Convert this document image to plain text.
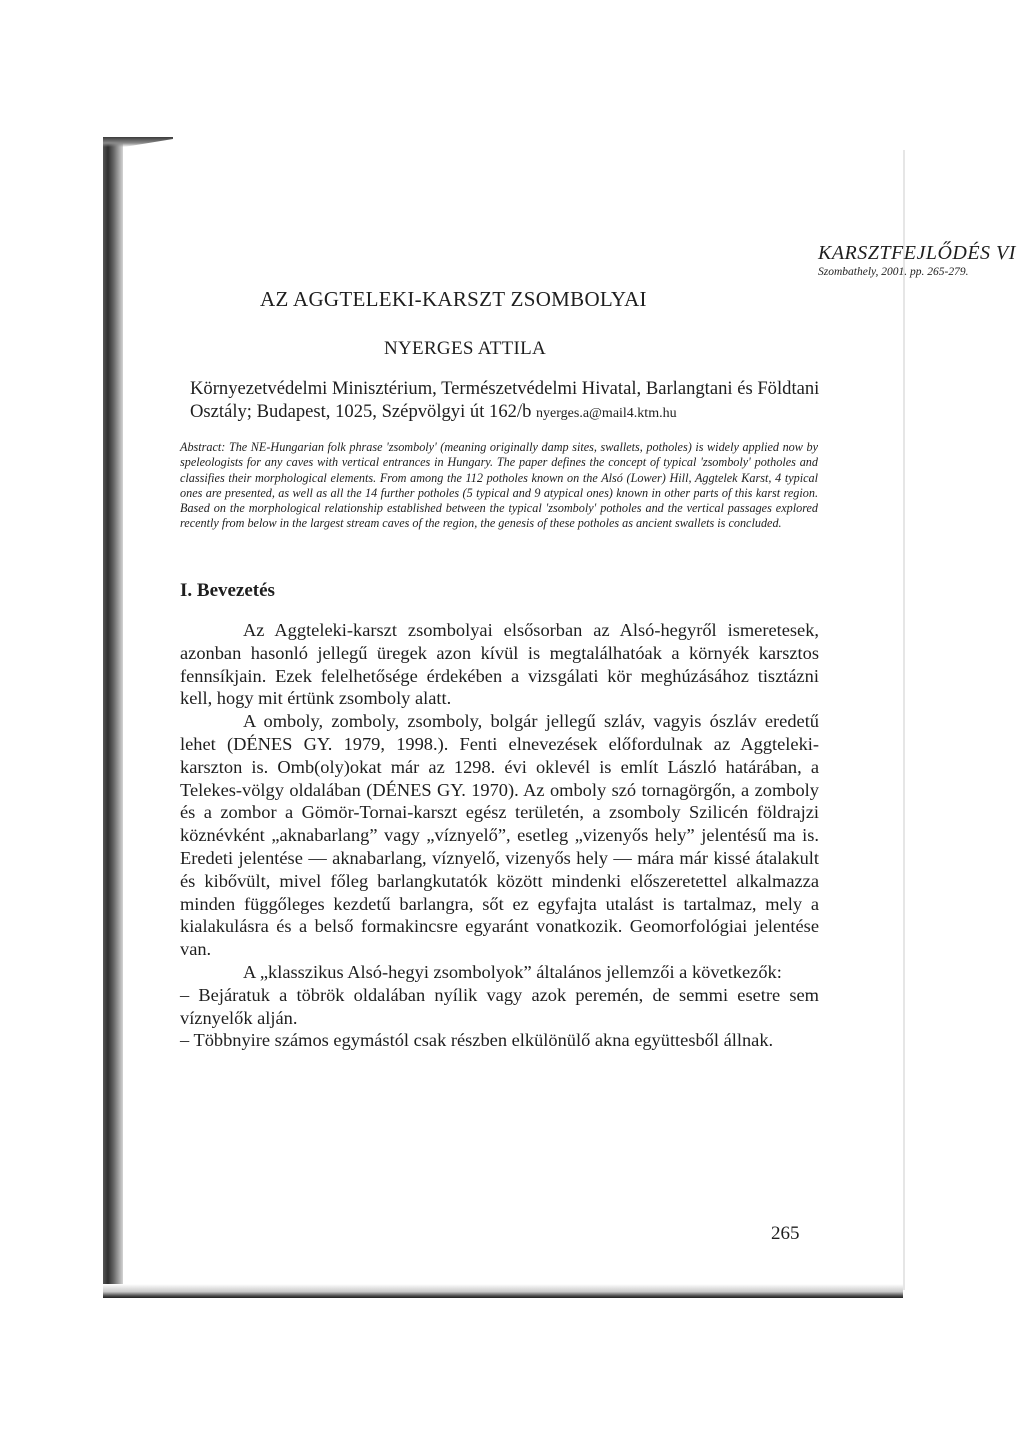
KARSZTFEJLŐDÉS VI
Szombathely, 2001. pp. 265-279.
AZ AGGTELEKI-KARSZT ZSOMBOLYAI
NYERGES ATTILA
Környezetvédelmi Minisztérium, Természetvédelmi Hivatal, Barlangtani és Földtani Osztály; Budapest, 1025, Szépvölgyi út 162/b nyerges.a@mail4.ktm.hu
Abstract: The NE-Hungarian folk phrase 'zsomboly' (meaning originally damp sites, swallets, potholes) is widely applied now by speleologists for any caves with vertical entrances in Hungary. The paper defines the concept of typical 'zsomboly' potholes and classifies their morphological elements. From among the 112 potholes known on the Alsó (Lower) Hill, Aggtelek Karst, 4 typical ones are presented, as well as all the 14 further potholes (5 typical and 9 atypical ones) known in other parts of this karst region. Based on the morphological relationship established between the typical 'zsomboly' potholes and the vertical passages explored recently from below in the largest stream caves of the region, the genesis of these potholes as ancient swallets is concluded.
I. Bevezetés

Az Aggteleki-karszt zsombolyai elsősorban az Alsó-hegyről ismeretesek, azonban hasonló jellegű üregek azon kívül is megtalálhatóak a környék karsztos fennsíkjain. Ezek felelhetősége érdekében a vizsgálati kör meghúzásához tisztázni kell, hogy mit értünk zsomboly alatt.

A omboly, zomboly, zsomboly, bolgár jellegű szláv, vagyis ószláv eredetű lehet (DÉNES GY. 1979, 1998.). Fenti elnevezések előfordulnak az Aggteleki-karszton is. Omb(oly)okat már az 1298. évi oklevél is említ László határában, a Telekes-völgy oldalában (DÉNES GY. 1970). Az omboly szó tornagörgőn, a zomboly és a zombor a Gömör-Tornai-karszt egész területén, a zsomboly Szilicén földrajzi köznévként „aknabarlang” vagy „víznyelő”, esetleg „vizenyős hely” jelentésű ma is. Eredeti jelentése — aknabarlang, víznyelő, vizenyős hely — mára már kissé átalakult és kibővült, mivel főleg barlangkutatók között mindenki előszeretettel alkalmazza minden függőleges kezdetű barlangra, sőt ez egyfajta utalást is tartalmaz, mely a kialakulásra és a belső formakincsre egyaránt vonatkozik. Geomorfológiai jelentése van.

A „klasszikus Alsó-hegyi zsombolyok” általános jellemzői a következők:

– Bejáratuk a töbrök oldalában nyílik vagy azok peremén, de semmi esetre sem víznyelők alján.

– Többnyire számos egymástól csak részben elkülönülő akna együttesből állnak.

265
